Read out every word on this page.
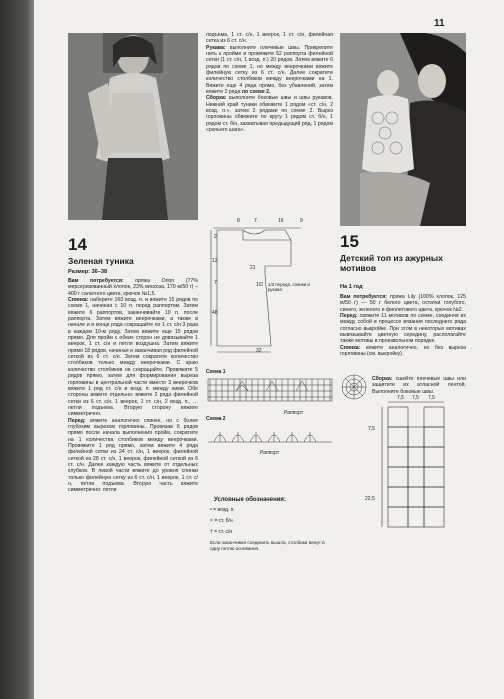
11
подъема, 1 ст. с/н, 1 веерок, 1 ст. с/н, филейная сетка из 6 ст. с/н.
Рукава: выполните плечевые швы. Прикрепите нить к пройме и провяжите 52 раппорта филейной сетки (1 ст. с/н, 1 возд. п.) 20 рядов. Затем вяжите 6 рядов по схеме 1, но между веерочками вяжите филейную сетку из 6 ст. с/н. Далее сократите количество столбиков между веерочками на 1. Вяжите еще 4 ряда прямо, без убавлений, затем вяжите 2 ряда по схеме 2.
Сборка: выполните боковые швы и швы рукавов. Нижний край туники обвяжите 1 рядом «ст. с/н, 2 возд. п.», затем 2 рядами по схеме 2. Вырез горловины обвяжите по кругу 1 рядом ст. б/н, 1 рядом ст. б/н, захватывая предыдущий ряд, 1 рядом «рачьего шага».
14
Зеленая туника
Размер: 36–38
Вам потребуется: пряжа Orion (77% мерсеризованный хлопок, 23% вискоза, 170 м/50 г) – 400 г салатного цвета, крючок №1,5.
Спинка: наберите 160 возд. п. и вяжите 15 рядов по схеме 1, начиная с 10 п. перед раппортом. Затем вяжите 6 раппортов, заканчивайте 10 п. после раппорта. Затем вяжите веерочками, а также в начале и в конце ряда сокращайте по 1 ст. с/н 3 раза в каждом 10-м ряду. Затем вяжите еще 15 рядов прямо. Для пройм с обеих сторон не довязывайте 1 веерок, 1 ст. с/н и петля воздушна. Затем вяжите прямо 18 рядов, начиная и заканчивая ряд филейной сеткой из 6 ст. с/н. Затем сократите количество столбиков только между веерочками. С краю количество столбиков не сокращайте. Провяжите 5 рядов прямо, затем для формирования выреза горловины в центральной части вместо 3 веерочков вяжите 1 ряд ст. с/н и возд. п. между ними. Обе стороны вяжите отдельно: вяжите 2 ряда филейной сетки из 6 ст. с/н, 1 веерок, 1 ст. с/н, 2 возд. п., … петли подъема. Вторую сторону вяжите симметрично.
Перед: вяжите аналогично спинке, но с более глубоким вырезом горловины. Провязав 6 рядов прямо после начала выполнения пройм, сократите на 1 количества столбиков между веерочками. Провяжите 1 ряд прямо, затем вяжите 4 ряда филейной сетки из 24 ст. с/н, 1 веерок, филейной сеткой из 28 ст. с/н, 1 веерок, филейной сеткой из 6 ст. с/н. Далее каждую часть вяжите от отдельных клубков. В левой части вяжите до уровня спинки только филейную сетку из 6 ст. с/н, 1 веерок, 1 ст. с/н, петли подъема. Вторую часть вяжите симметрично: петли
8	7	16	9
2
12
48
7
21
1/2 1/2 переда, спинки и рукава
32
Схема 1
Раппорт
Схема 2
Раппорт
Условные обозначения:
• = возд. п.
× = ст. б/н
† = ст. с/н
Если заканчивая соединить вышла, столбики вяжут в одну петлю основания.
15
Детский топ из ажурных мотивов
На 1 год
Вам потребуется: пряжа Lily (100% хлопок, 125 м/50 г) — 50 г белого цвета, остатки голубого, синего, зеленого и фиолетового цвета, крючок №2.
Перед: свяжите 11 мотивов по схеме, соединяя их между собой в процессе вязания последнего ряда согласно выкройке. При этом в некоторых мотивах вывязывайте цветную середину, располагайте также мотивы в произвольном порядке.
Спинка: вяжите аналогично, но без выреза горловины (см. выкройку).
Сборка: сшейте плечевые швы или защитите их атласной лентой. Выполните боковые швы.
7,5 7,5 7,5
7,5
22,5
